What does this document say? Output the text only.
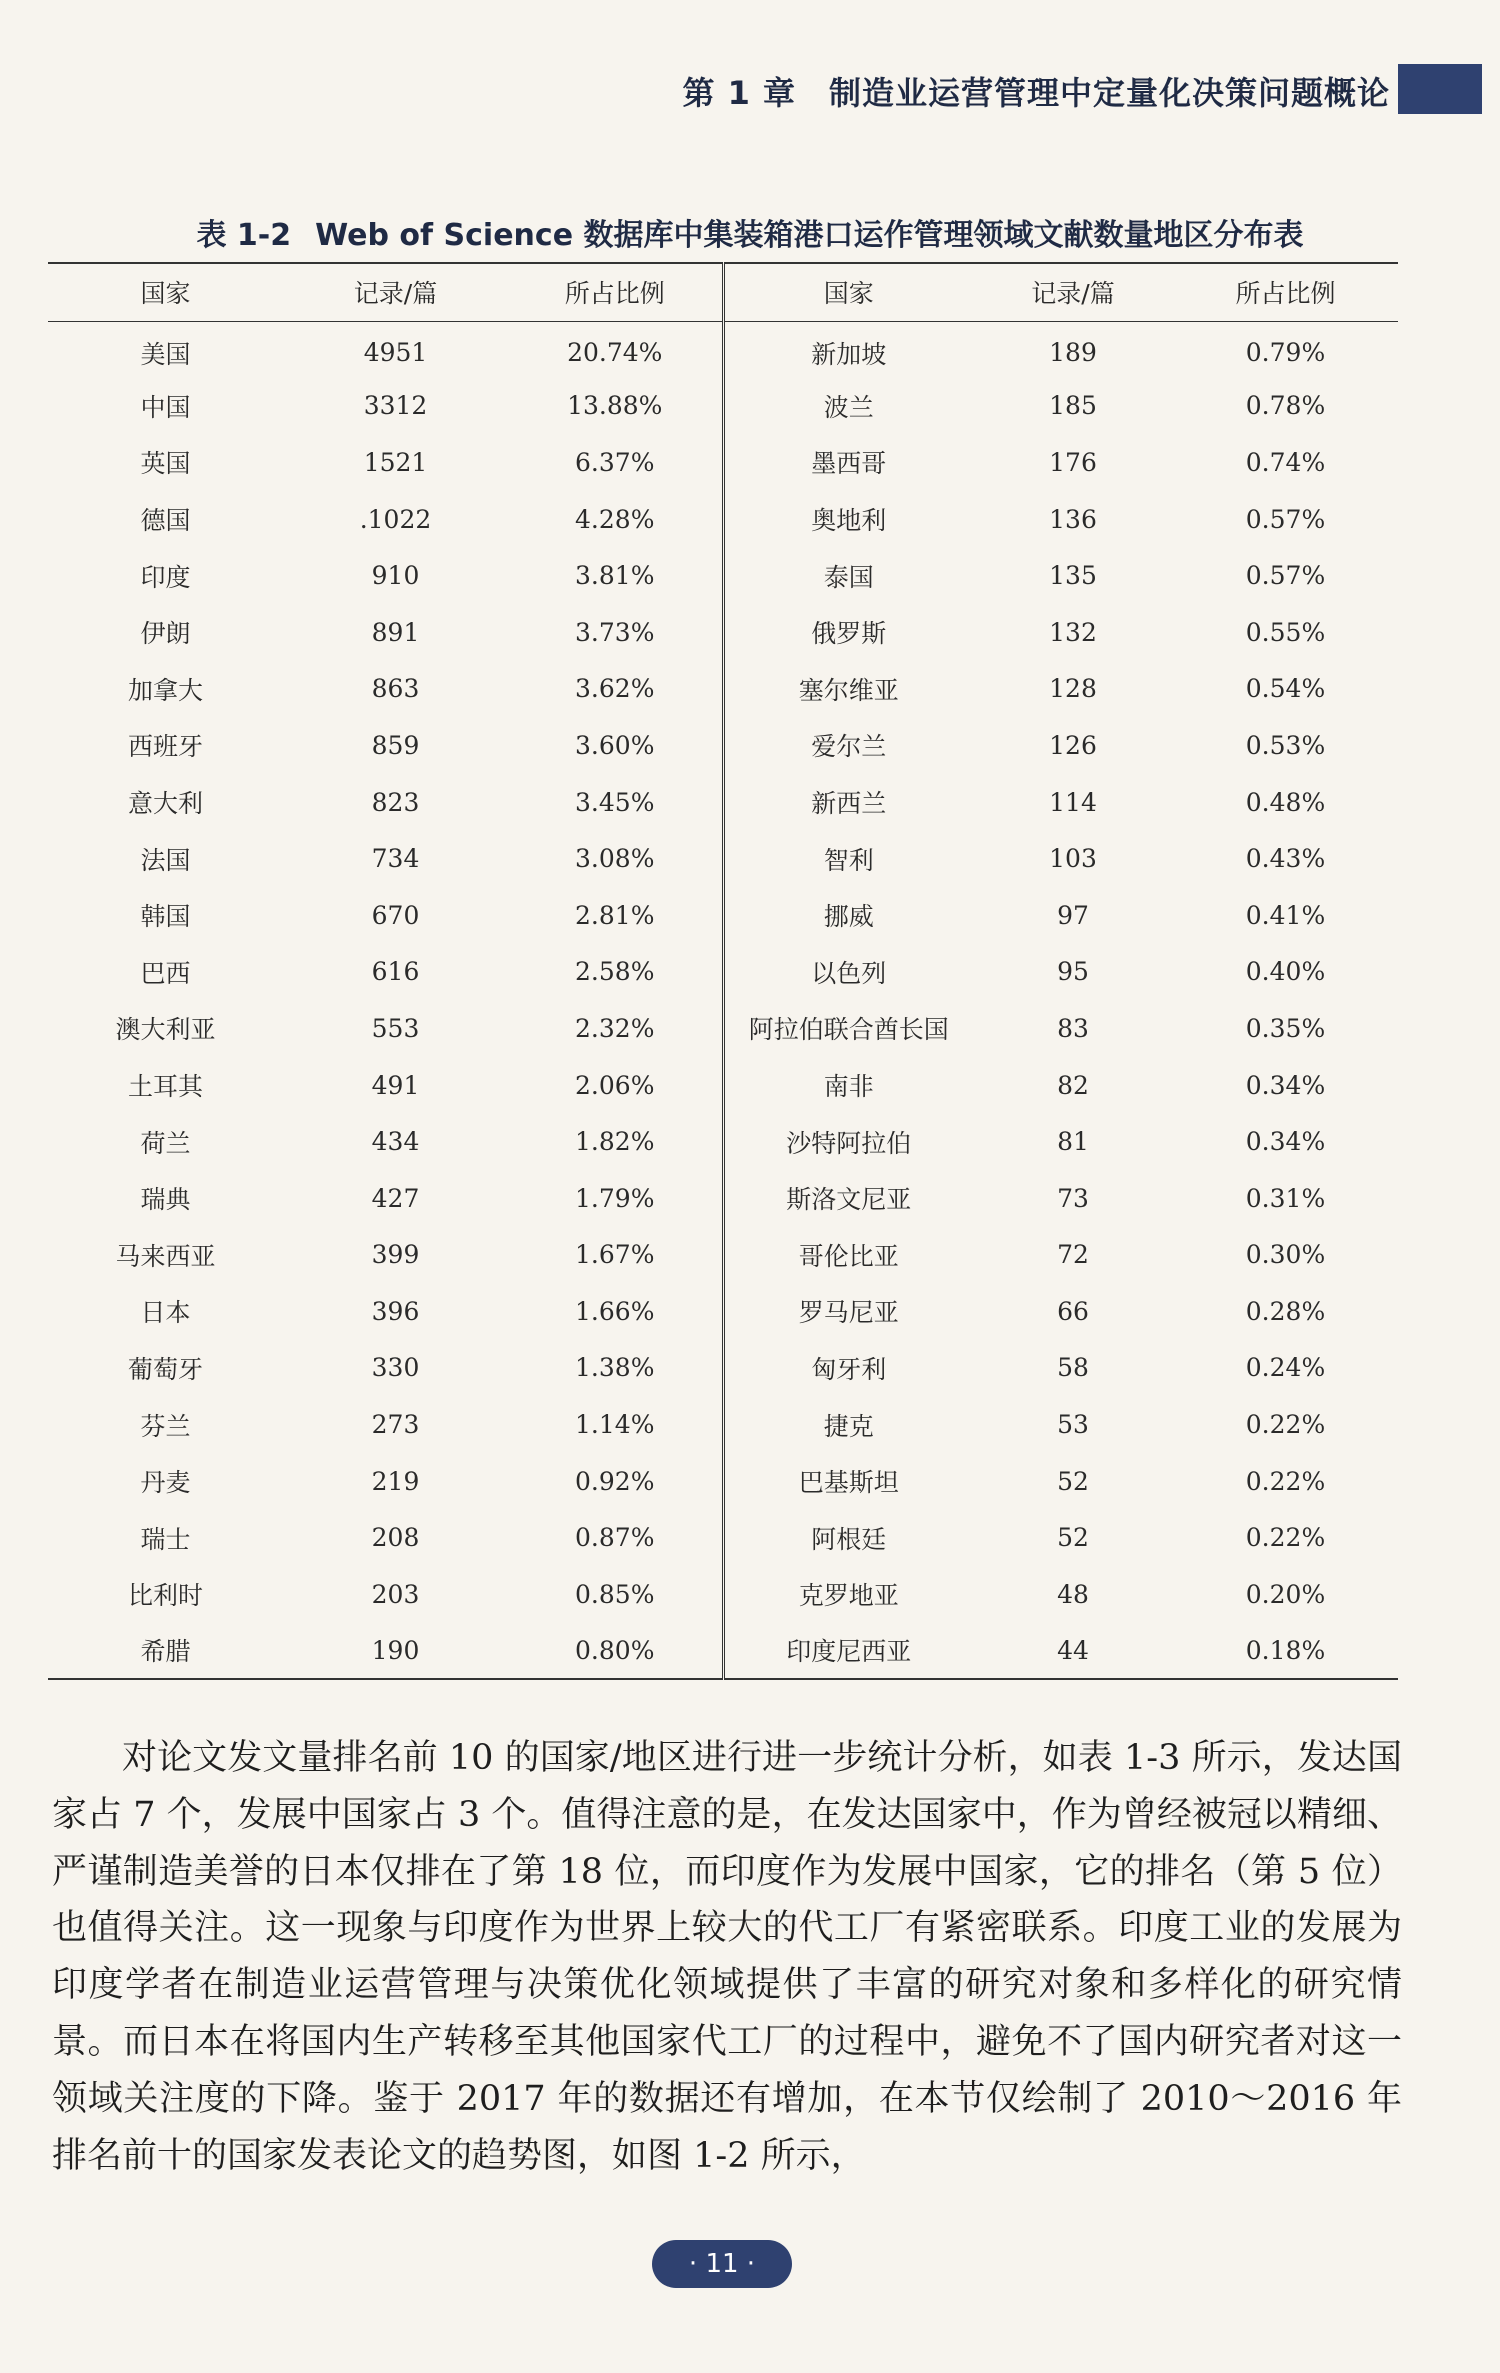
第 1 章　制造业运营管理中定量化决策问题概论
表 1-2 Web of Science 数据库中集装箱港口运作管理领域文献数量地区分布表
国家	记录/篇	所占比例	国家	记录/篇	所占比例
美国	4951	20.74%	新加坡	189	0.79%
中国	3312	13.88%	波兰	185	0.78%
英国	1521	6.37%	墨西哥	176	0.74%
德国	.1022	4.28%	奥地利	136	0.57%
印度	910	3.81%	泰国	135	0.57%
伊朗	891	3.73%	俄罗斯	132	0.55%
加拿大	863	3.62%	塞尔维亚	128	0.54%
西班牙	859	3.60%	爱尔兰	126	0.53%
意大利	823	3.45%	新西兰	114	0.48%
法国	734	3.08%	智利	103	0.43%
韩国	670	2.81%	挪威	97	0.41%
巴西	616	2.58%	以色列	95	0.40%
澳大利亚	553	2.32%	阿拉伯联合酋长国	83	0.35%
土耳其	491	2.06%	南非	82	0.34%
荷兰	434	1.82%	沙特阿拉伯	81	0.34%
瑞典	427	1.79%	斯洛文尼亚	73	0.31%
马来西亚	399	1.67%	哥伦比亚	72	0.30%
日本	396	1.66%	罗马尼亚	66	0.28%
葡萄牙	330	1.38%	匈牙利	58	0.24%
芬兰	273	1.14%	捷克	53	0.22%
丹麦	219	0.92%	巴基斯坦	52	0.22%
瑞士	208	0.87%	阿根廷	52	0.22%
比利时	203	0.85%	克罗地亚	48	0.20%
希腊	190	0.80%	印度尼西亚	44	0.18%

对论文发文量排名前 10 的国家/地区进行进一步统计分析，如表 1-3 所示，发达国家占 7 个，发展中国家占 3 个。值得注意的是，在发达国家中，作为曾经被冠以精细、严谨制造美誉的日本仅排在了第 18 位，而印度作为发展中国家，它的排名（第 5 位）也值得关注。这一现象与印度作为世界上较大的代工厂有紧密联系。印度工业的发展为印度学者在制造业运营管理与决策优化领域提供了丰富的研究对象和多样化的研究情景。而日本在将国内生产转移至其他国家代工厂的过程中，避免不了国内研究者对这一领域关注度的下降。鉴于 2017 年的数据还有增加，在本节仅绘制了 2010～2016 年排名前十的国家发表论文的趋势图，如图 1-2 所示，

· 11 ·
